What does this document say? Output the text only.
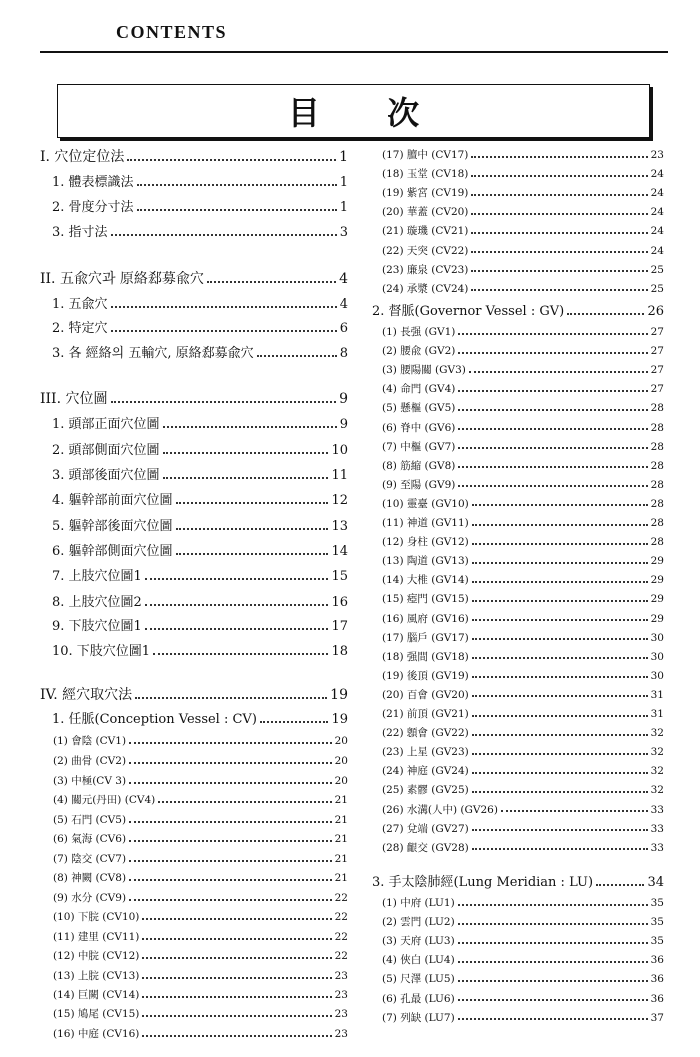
CONTENTS
目 次
I. 穴位定位法	1
1. 體表標識法	1
2. 骨度分寸法	1
3. 指寸法	3
II. 五兪穴과 原絡郄募兪穴	4
1. 五兪穴	4
2. 特定穴	6
3. 各 經絡의 五輸穴, 原絡郄募兪穴	8
III. 穴位圖	9
1. 頭部正面穴位圖	9
2. 頭部側面穴位圖	10
3. 頭部後面穴位圖	11
4. 軀幹部前面穴位圖	12
5. 軀幹部後面穴位圖	13
6. 軀幹部側面穴位圖	14
7. 上肢穴位圖1	15
8. 上肢穴位圖2	16
9. 下肢穴位圖1	17
10. 下肢穴位圖1	18
IV. 經穴取穴法	19
1. 任脈(Conception Vessel : CV)	19
(1) 會陰 (CV1)	20
(2) 曲骨 (CV2)	20
(3) 中極(CV 3)	20
(4) 關元(丹田) (CV4)	21
(5) 石門 (CV5)	21
(6) 氣海 (CV6)	21
(7) 陰交 (CV7)	21
(8) 神闕 (CV8)	21
(9) 水分 (CV9)	22
(10) 下脘 (CV10)	22
(11) 建里 (CV11)	22
(12) 中脘 (CV12)	22
(13) 上脘 (CV13)	23
(14) 巨闕 (CV14)	23
(15) 鳩尾 (CV15)	23
(16) 中庭 (CV16)	23
(17) 膻中 (CV17)	23
(18) 玉堂 (CV18)	24
(19) 紫宮 (CV19)	24
(20) 華蓋 (CV20)	24
(21) 璇璣 (CV21)	24
(22) 天突 (CV22)	24
(23) 廉泉 (CV23)	25
(24) 承漿 (CV24)	25
2. 督脈(Governor Vessel : GV)	26
(1) 長强 (GV1)	27
(2) 腰兪 (GV2)	27
(3) 腰陽關 (GV3)	27
(4) 命門 (GV4)	27
(5) 懸樞 (GV5)	28
(6) 脊中 (GV6)	28
(7) 中樞 (GV7)	28
(8) 筋縮 (GV8)	28
(9) 至陽 (GV9)	28
(10) 靈臺 (GV10)	28
(11) 神道 (GV11)	28
(12) 身柱 (GV12)	28
(13) 陶道 (GV13)	29
(14) 大椎 (GV14)	29
(15) 瘂門 (GV15)	29
(16) 風府 (GV16)	29
(17) 腦戶 (GV17)	30
(18) 强間 (GV18)	30
(19) 後頂 (GV19)	30
(20) 百會 (GV20)	31
(21) 前頂 (GV21)	31
(22) 顖會 (GV22)	32
(23) 上星 (GV23)	32
(24) 神庭 (GV24)	32
(25) 素髎 (GV25)	32
(26) 水溝(人中) (GV26)	33
(27) 兌端 (GV27)	33
(28) 齦交 (GV28)	33
3. 手太陰肺經(Lung Meridian : LU)	34
(1) 中府 (LU1)	35
(2) 雲門 (LU2)	35
(3) 天府 (LU3)	35
(4) 俠白 (LU4)	36
(5) 尺澤 (LU5)	36
(6) 孔最 (LU6)	36
(7) 列缺 (LU7)	37
